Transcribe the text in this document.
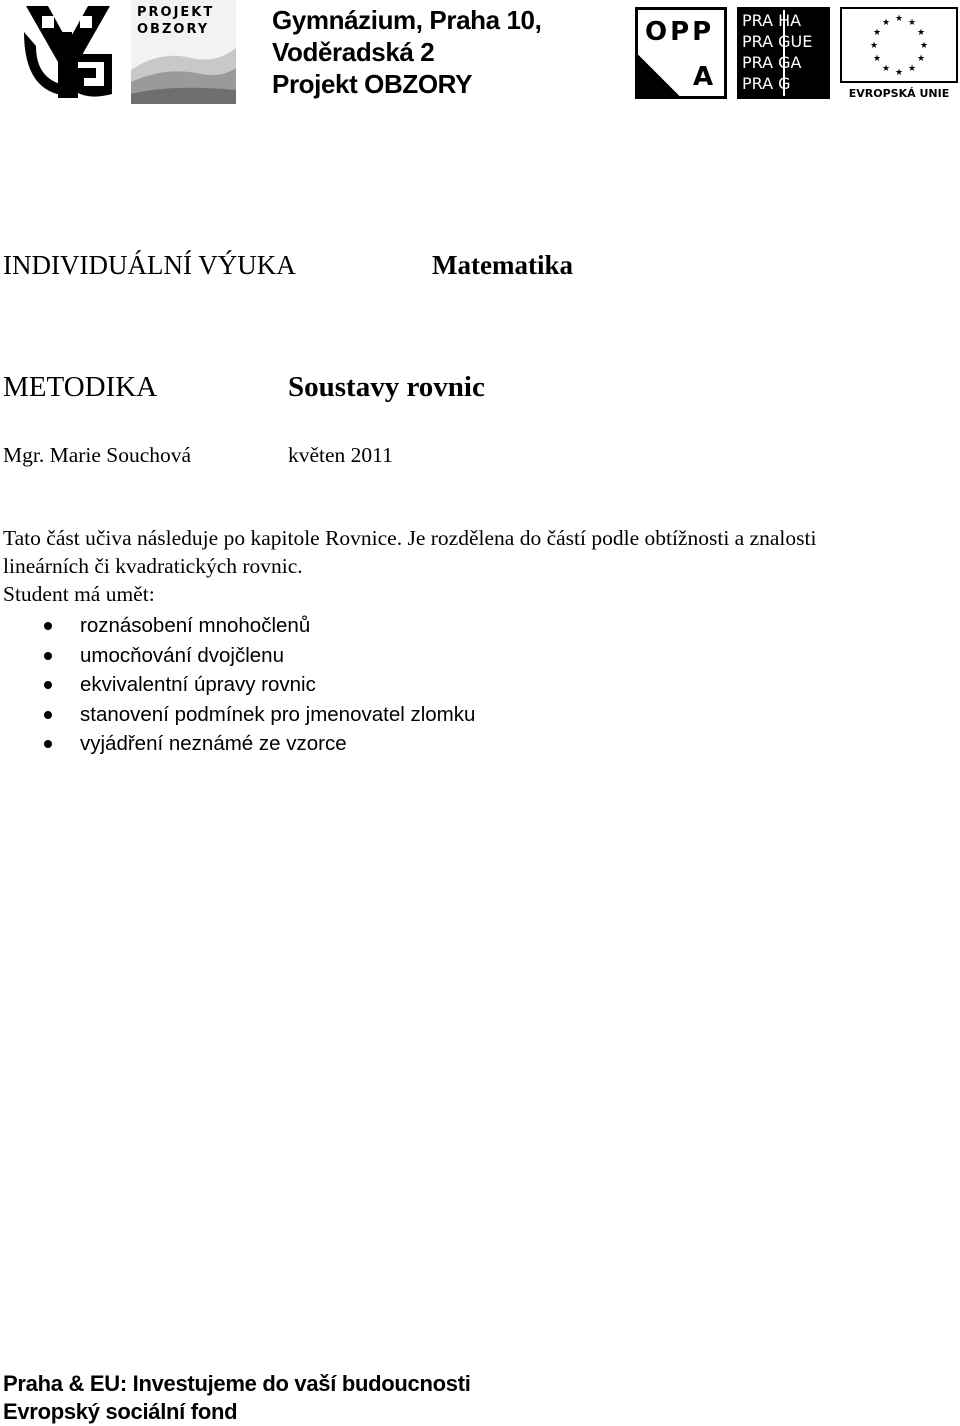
PROJEKT
OBZORY Gymnázium, Praha 10,
Voděradská 2
Projekt OBZORY
OPP
A
PRA HA
PRA GUE
PRA GA
PRA G
★ ★
★
★
★
★
★
★
★
★
★
★
EVROPSKÁ UNIE
INDIVIDUÁLNÍ VÝUKA	Matematika
METODIKA	Soustavy rovnic
Mgr. Marie Souchová	květen 2011
Tato část učiva následuje po kapitole Rovnice. Je rozdělena do částí podle obtížnosti a znalosti
lineárních či kvadratických rovnic.
Student má umět:
roznásobení mnohočlenů
umocňování dvojčlenu
ekvivalentní úpravy rovnic
stanovení podmínek pro jmenovatel zlomku
vyjádření neznámé ze vzorce
Praha & EU: Investujeme do vaší budoucnosti
Evropský sociální fond
